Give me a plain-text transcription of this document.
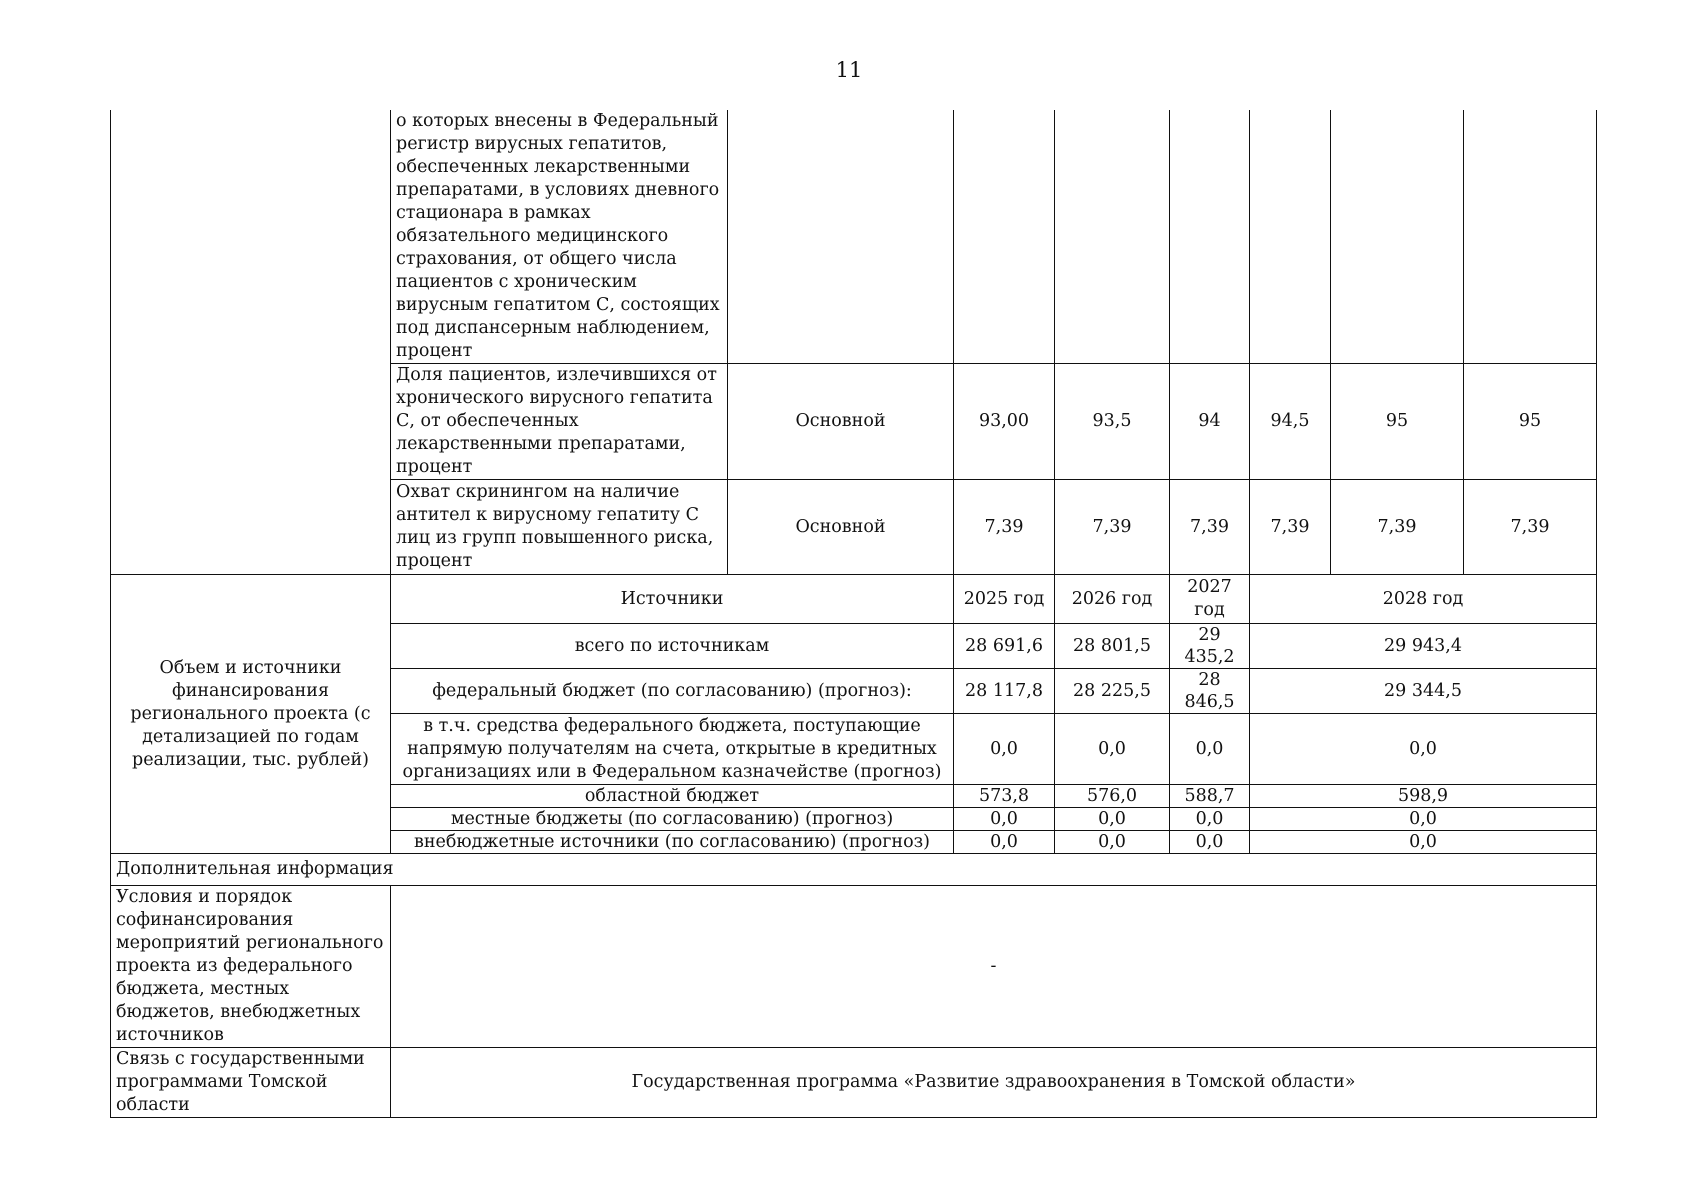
11
	о которых внесены в Федеральный регистр вирусных гепатитов, обеспеченных лекарственными препаратами, в условиях дневного стационара в рамках обязательного медицинского страхования, от общего числа пациентов с хроническим вирусным гепатитом С, состоящих под диспансерным наблюдением, процент							
	Доля пациентов, излечившихся от хронического вирусного гепатита С, от обеспеченных лекарственными препаратами, процент	Основной	93,00	93,5	94	94,5	95	95
	Охват скринингом на наличие антител к вирусному гепатиту С лиц из групп повышенного риска, процент	Основной	7,39	7,39	7,39	7,39	7,39	7,39
Объем и источники финансирования регионального проекта (с детализацией по годам реализации, тыс. рублей)	Источники		2025 год	2026 год	2027 год	2028 год		
	всего по источникам		28 691,6	28 801,5	29 435,2	29 943,4		
	федеральный бюджет (по согласованию) (прогноз):		28 117,8	28 225,5	28 846,5	29 344,5		
	в т.ч. средства федерального бюджета, поступающие напрямую получателям на счета, открытые в кредитных организациях или в Федеральном казначействе (прогноз)		0,0	0,0	0,0	0,0		
	областной бюджет		573,8	576,0	588,7	598,9		
	местные бюджеты (по согласованию) (прогноз)		0,0	0,0	0,0	0,0		
	внебюджетные источники (по согласованию) (прогноз)		0,0	0,0	0,0	0,0		
Дополнительная информация								
Условия и порядок софинансирования мероприятий регионального проекта из федерального бюджета, местных бюджетов, внебюджетных источников	-							
Связь с государственными программами Томской области	Государственная программа «Развитие здравоохранения в Томской области»							
